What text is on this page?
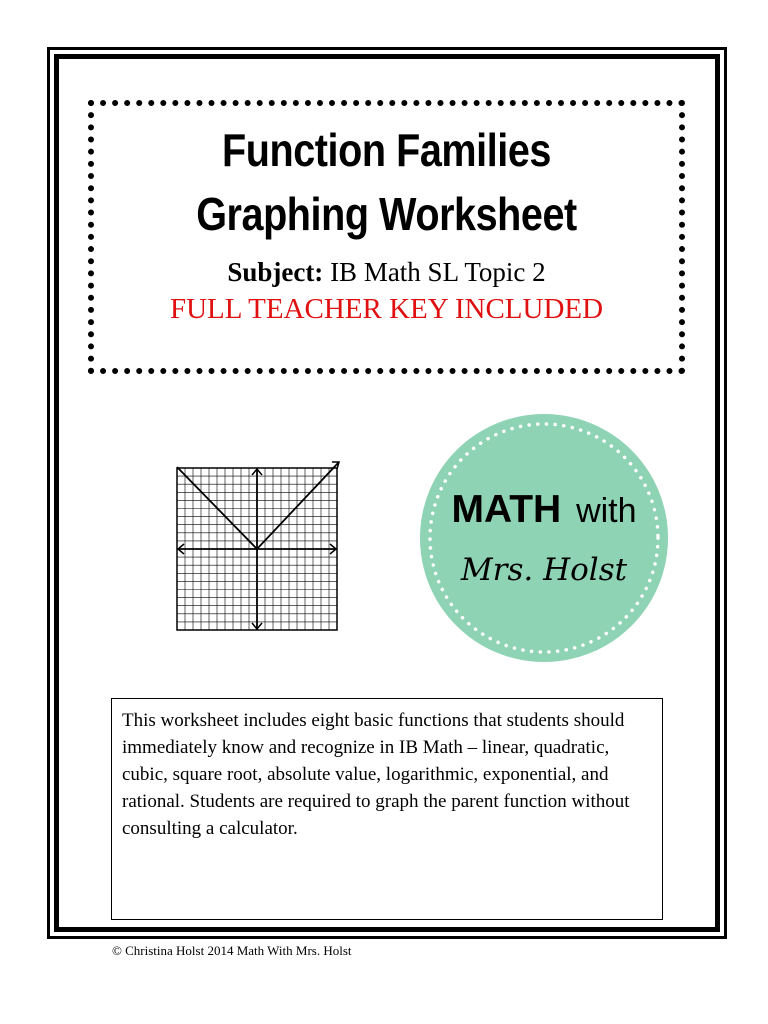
Function Families
Graphing Worksheet
Subject: IB Math SL Topic 2
FULL TEACHER KEY INCLUDED
MATH with
Mrs. Holst
This worksheet includes eight basic functions that students should immediately know and recognize in IB Math – linear, quadratic, cubic, square root, absolute value, logarithmic, exponential, and rational. Students are required to graph the parent function without consulting a calculator.
© Christina Holst 2014 Math With Mrs. Holst
